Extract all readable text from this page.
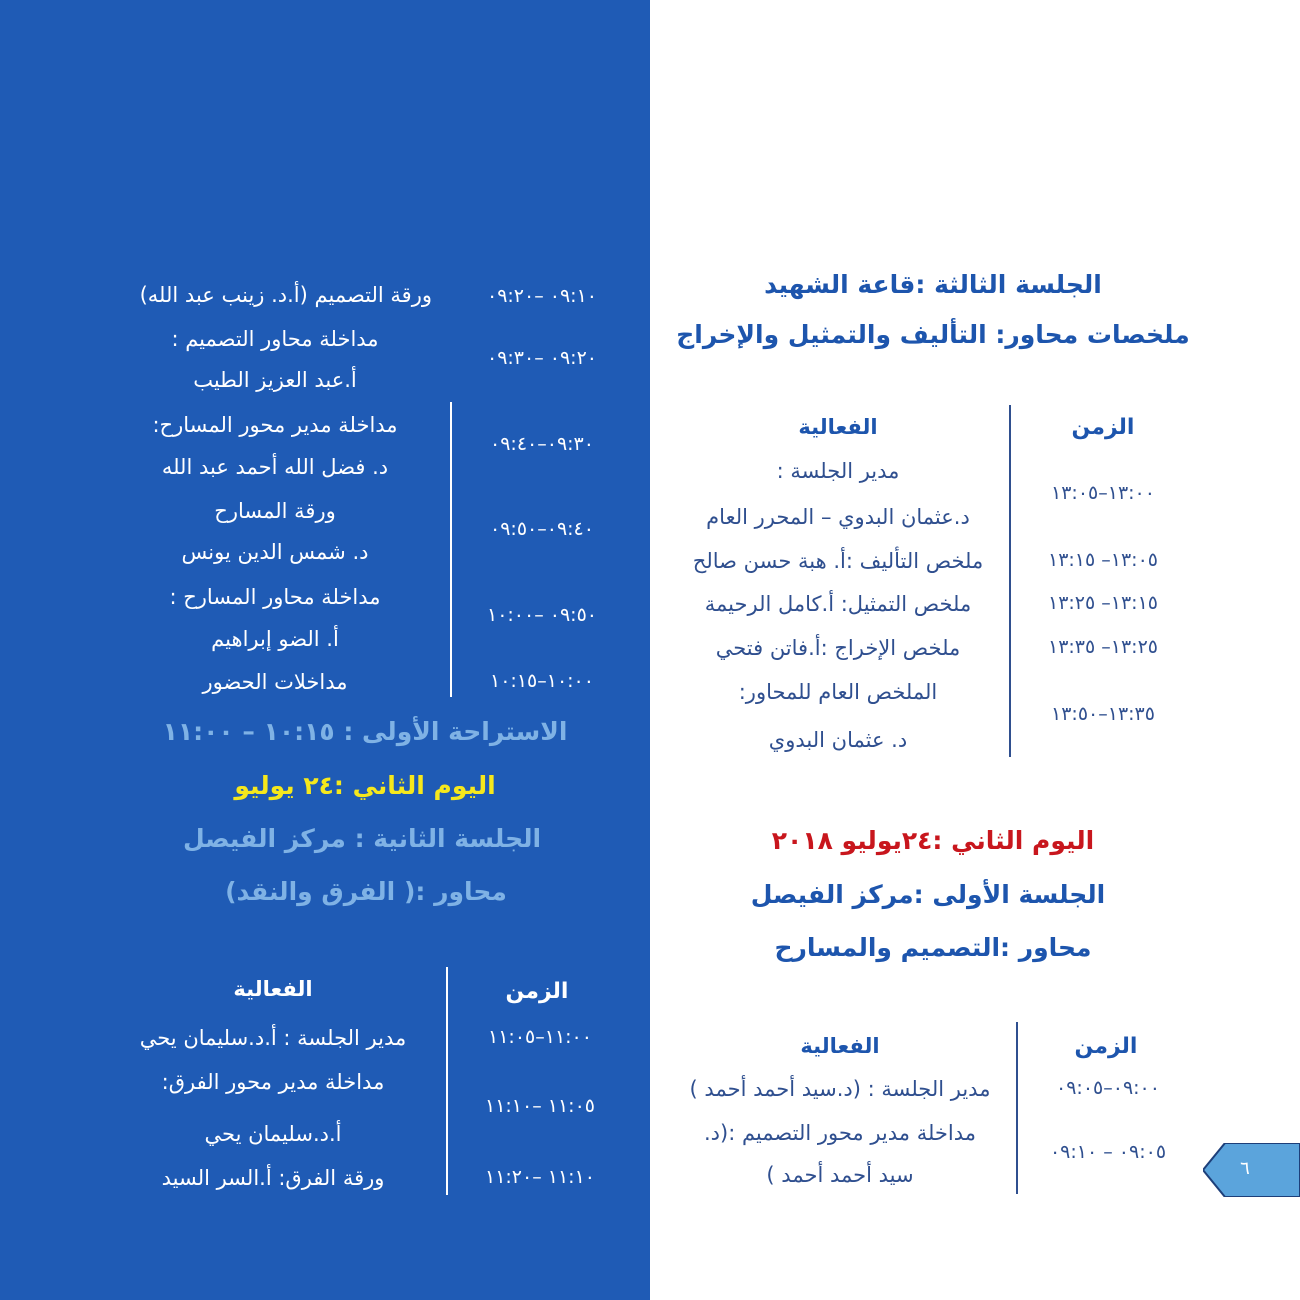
الجلسة الثالثة :قاعة الشهيد
ملخصات محاور: التأليف والتمثيل والإخراج
الزمن
الفعالية
مدير الجلسة :
د.عثمان البدوي – المحرر العام
١٣:٠٠–١٣:٠٥
ملخص التأليف :أ. هبة حسن صالح	١٣:٠٥– ١٣:١٥
ملخص التمثيل: أ.كامل الرحيمة	١٣:١٥– ١٣:٢٥
ملخص الإخراج :أ.فاتن فتحي	١٣:٢٥– ١٣:٣٥
الملخص العام للمحاور:
د. عثمان البدوي
١٣:٣٥–١٣:٥٠
اليوم الثاني :٢٤يوليو ٢٠١٨
الجلسة الأولى :مركز الفيصل
محاور :التصميم والمسارح
الزمن
الفعالية
مدير الجلسة : (د.سيد أحمد أحمد )	٠٩:٠٠–٠٩:٠٥
مداخلة مدير محور التصميم :(د.
سيد أحمد أحمد )
٠٩:٠٥ – ٠٩:١٠
٦
ورقة التصميم (أ.د. زينب عبد الله)	٠٩:١٠ –٠٩:٢٠
مداخلة محاور التصميم :
أ.عبد العزيز الطيب
٠٩:٢٠ –٠٩:٣٠
مداخلة مدير محور المسارح:
د. فضل الله أحمد عبد الله
٠٩:٣٠–٠٩:٤٠
ورقة المسارح
د. شمس الدين يونس
٠٩:٤٠–٠٩:٥٠
مداخلة محاور المسارح :
أ. الضو إبراهيم
٠٩:٥٠ –١٠:٠٠
مداخلات الحضور	١٠:٠٠–١٠:١٥
الاستراحة الأولى : ١٠:١٥ – ١١:٠٠
اليوم الثاني :٢٤ يوليو
الجلسة الثانية : مركز الفيصل
محاور :( الفرق والنقد)
الزمن
الفعالية
مدير الجلسة : أ.د.سليمان يحي	١١:٠٠–١١:٠٥
مداخلة مدير محور الفرق:
أ.د.سليمان يحي
١١:٠٥ –١١:١٠
ورقة الفرق: أ.السر السيد	١١:١٠ –١١:٢٠
